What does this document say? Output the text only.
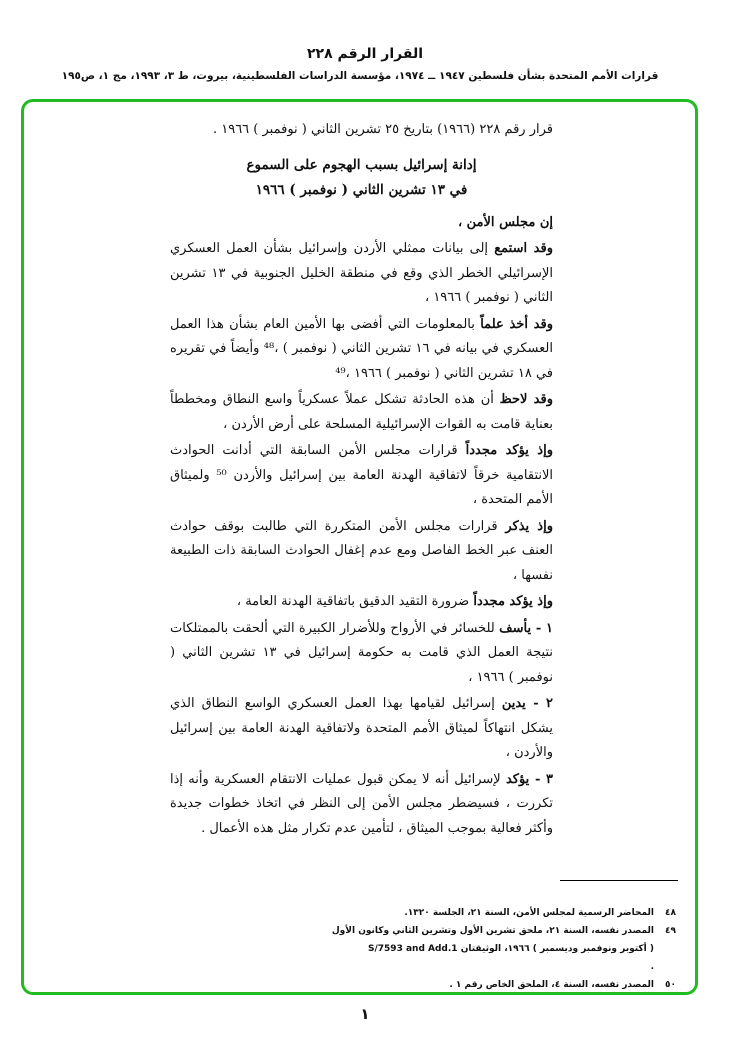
القرار الرقم ٢٢٨
قرارات الأمم المتحدة بشأن فلسطين ١٩٤٧ ــ ١٩٧٤، مؤسسة الدراسات الفلسطينية، بيروت، ط ٣، ١٩٩٣، مج ١، ص١٩٥

قرار رقم ٢٢٨ (١٩٦٦) بتاريخ ٢٥ تشرين الثاني ( نوفمبر ) ١٩٦٦ .

إدانة إسرائيل بسبب الهجوم على السموع
في ١٣ تشرين الثاني ( نوفمبر ) ١٩٦٦

إن مجلس الأمن ،

وقد استمع إلى بيانات ممثلي الأردن وإسرائيل بشأن العمل العسكري الإسرائيلي الخطر الذي وقع في منطقة الخليل الجنوبية في ١٣ تشرين الثاني ( نوفمبر ) ١٩٦٦ ،

وقد أخذ علماً بالمعلومات التي أفضى بها الأمين العام بشأن هذا العمل العسكري في بيانه في ١٦ تشرين الثاني ( نوفمبر ) ،⁴⁸ وأيضاً في تقريره في ١٨ تشرين الثاني ( نوفمبر ) ١٩٦٦ ،⁴⁹

وقد لاحظ أن هذه الحادثة تشكل عملاً عسكرياً واسع النطاق ومخططاً بعناية قامت به القوات الإسرائيلية المسلحة على أرض الأردن ،

وإذ يؤكد مجدداً قرارات مجلس الأمن السابقة التي أدانت الحوادث الانتقامية خرقاً لاتفاقية الهدنة العامة بين إسرائيل والأردن ⁵⁰ ولميثاق الأمم المتحدة ،

وإذ يذكر قرارات مجلس الأمن المتكررة التي طالبت بوقف حوادث العنف عبر الخط الفاصل ومع عدم إغفال الحوادث السابقة ذات الطبيعة نفسها ،

وإذ يؤكد مجدداً ضرورة التقيد الدقيق باتفاقية الهدنة العامة ،

١ - يأسف للخسائر في الأرواح وللأضرار الكبيرة التي ألحقت بالممتلكات نتيجة العمل الذي قامت به حكومة إسرائيل في ١٣ تشرين الثاني ( نوفمبر ) ١٩٦٦ ،

٢ - يدين إسرائيل لقيامها بهذا العمل العسكري الواسع النطاق الذي يشكل انتهاكاً لميثاق الأمم المتحدة ولاتفاقية الهدنة العامة بين إسرائيل والأردن ،

٣ - يؤكد لإسرائيل أنه لا يمكن قبول عمليات الانتقام العسكرية وأنه إذا تكررت ، فسيضطر مجلس الأمن إلى النظر في اتخاذ خطوات جديدة وأكثر فعالية بموجب الميثاق ، لتأمين عدم تكرار مثل هذه الأعمال .

٤٨
المحاضر الرسمية لمجلس الأمن، السنة ٢١، الجلسة ١٣٢٠.
٤٩
المصدر نفسه، السنة ٢١، ملحق تشرين الأول وتشرين الثاني وكانون الأول
( أكتوبر ونوفمبر وديسمبر ) ١٩٦٦، الوثيقتان S/7593 and Add.1
.
٥٠
المصدر نفسه، السنة ٤، الملحق الخاص رقم ١ .
١
